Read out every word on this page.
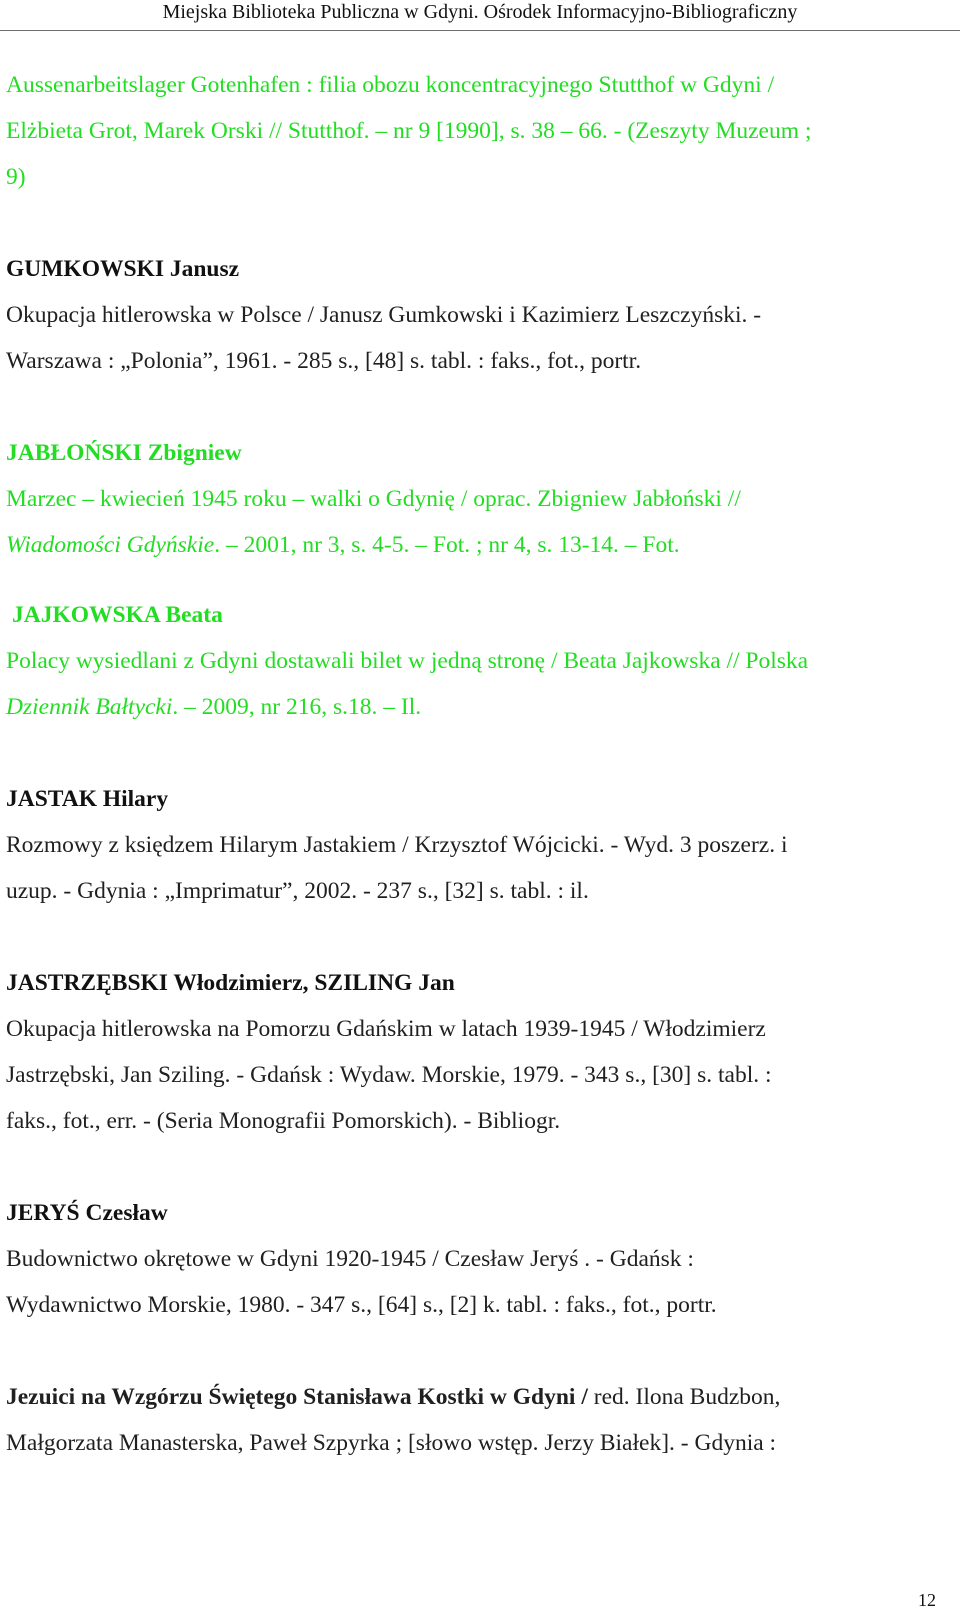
Miejska Biblioteka Publiczna w Gdyni. Ośrodek Informacyjno-Bibliograficzny
Aussenarbeitslager Gotenhafen : filia obozu koncentracyjnego Stutthof w Gdyni /
Elżbieta Grot, Marek Orski // Stutthof. – nr 9 [1990], s. 38 – 66. - (Zeszyty Muzeum ;
9)
GUMKOWSKI Janusz
Okupacja hitlerowska w Polsce / Janusz Gumkowski i Kazimierz Leszczyński. -
Warszawa : „Polonia”, 1961. - 285 s., [48] s. tabl. : faks., fot., portr.
JABŁOŃSKI Zbigniew
Marzec – kwiecień 1945 roku – walki o Gdynię / oprac. Zbigniew Jabłoński //
Wiadomości Gdyńskie. – 2001, nr 3, s. 4-5. – Fot. ; nr 4, s. 13-14. – Fot.
JAJKOWSKA Beata
Polacy wysiedlani z Gdyni dostawali bilet w jedną stronę / Beata Jajkowska // Polska
Dziennik Bałtycki. – 2009, nr 216, s.18. – Il.
JASTAK Hilary
Rozmowy z księdzem Hilarym Jastakiem / Krzysztof Wójcicki. - Wyd. 3 poszerz. i
uzup. - Gdynia : „Imprimatur”, 2002. - 237 s., [32] s. tabl. : il.
JASTRZĘBSKI Włodzimierz, SZILING Jan
Okupacja hitlerowska na Pomorzu Gdańskim w latach 1939-1945 / Włodzimierz
Jastrzębski, Jan Sziling. - Gdańsk : Wydaw. Morskie, 1979. - 343 s., [30] s. tabl. :
faks., fot., err. - (Seria Monografii Pomorskich). - Bibliogr.
JERYŚ Czesław
Budownictwo okrętowe w Gdyni 1920-1945 / Czesław Jeryś . - Gdańsk :
Wydawnictwo Morskie, 1980. - 347 s., [64] s., [2] k. tabl. : faks., fot., portr.
Jezuici na Wzgórzu Świętego Stanisława Kostki w Gdyni / red. Ilona Budzbon,
Małgorzata Manasterska, Paweł Szpyrka ; [słowo wstęp. Jerzy Białek]. - Gdynia :
12
